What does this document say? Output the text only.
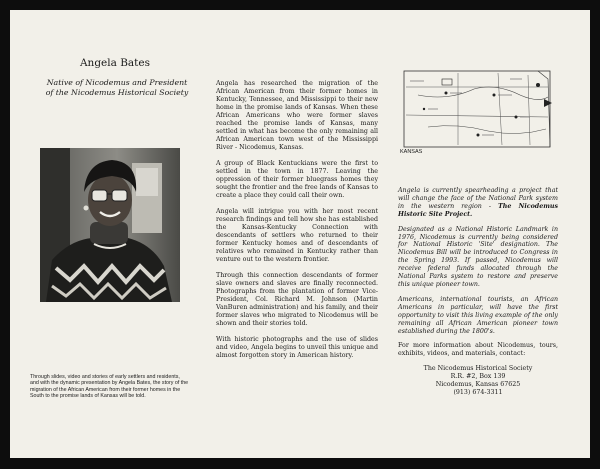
Angela Bates
Native of Nicodemus and President
of the Nicodemus Historical Society
Through slides, video and stories of early settlers and residents, and with the dynamic presentation by Angela Bates, the story of the migration of the African American from their former homes in the South to the promise lands of Kansas will be told.

Angela has researched the migration of the African American from their former homes in Kentucky, Tennessee, and Mississippi to their new home in the promise lands of Kansas. When these African Americans who were former slaves reached the promise lands of Kansas, many settled in what has become the only remaining all African American town west of the Mississippi River - Nicodemus, Kansas.

A group of Black Kentuckians were the first to settled in the town in 1877. Leaving the oppression of their former bluegrass homes they sought the frontier and the free lands of Kansas to create a place they could call their own.

Angela will intrigue you with her most recent research findings and tell how she has established the Kansas-Kentucky Connection with descendants of settlers who returned to their former Kentucky homes and of descendants of relatives who remained in Kentucky rather than venture out to the western frontier.

Through this connection descendants of former slave owners and slaves are finally reconnected. Photographs from the plantation of former Vice-President, Col. Richard M. Johnson (Martin VanBuren administration) and his family, and their former slaves who migrated to Nicodemus will be shown and their stories told.

With historic photographs and the use of slides and video, Angela begins to unveil this unique and almost forgotten story in American history.

KANSAS

Angela is currently spearheading a project that will change the face of the National Park system in the western region - The Nicodemus Historic Site Project.

Designated as a National Historic Landmark in 1976, Nicodemus is currently being considered for National Historic 'Site' designation. The Nicodemus Bill will be introduced to Congress in the Spring 1993. If passed, Nicodemus will receive federal funds allocated through the National Parks system to restore and preserve this unique pioneer town.

Americans, international tourists, an African Americans in particular, will have the first opportunity to visit this living example of the only remaining all African American pioneer town established during the 1800's.

For more information about Nicodemus, tours, exhibits, videos, and materials, contact:

The Nicodemus Historical Society
R.R. #2, Box 139
Nicodemus, Kansas 67625
(913) 674-3311
